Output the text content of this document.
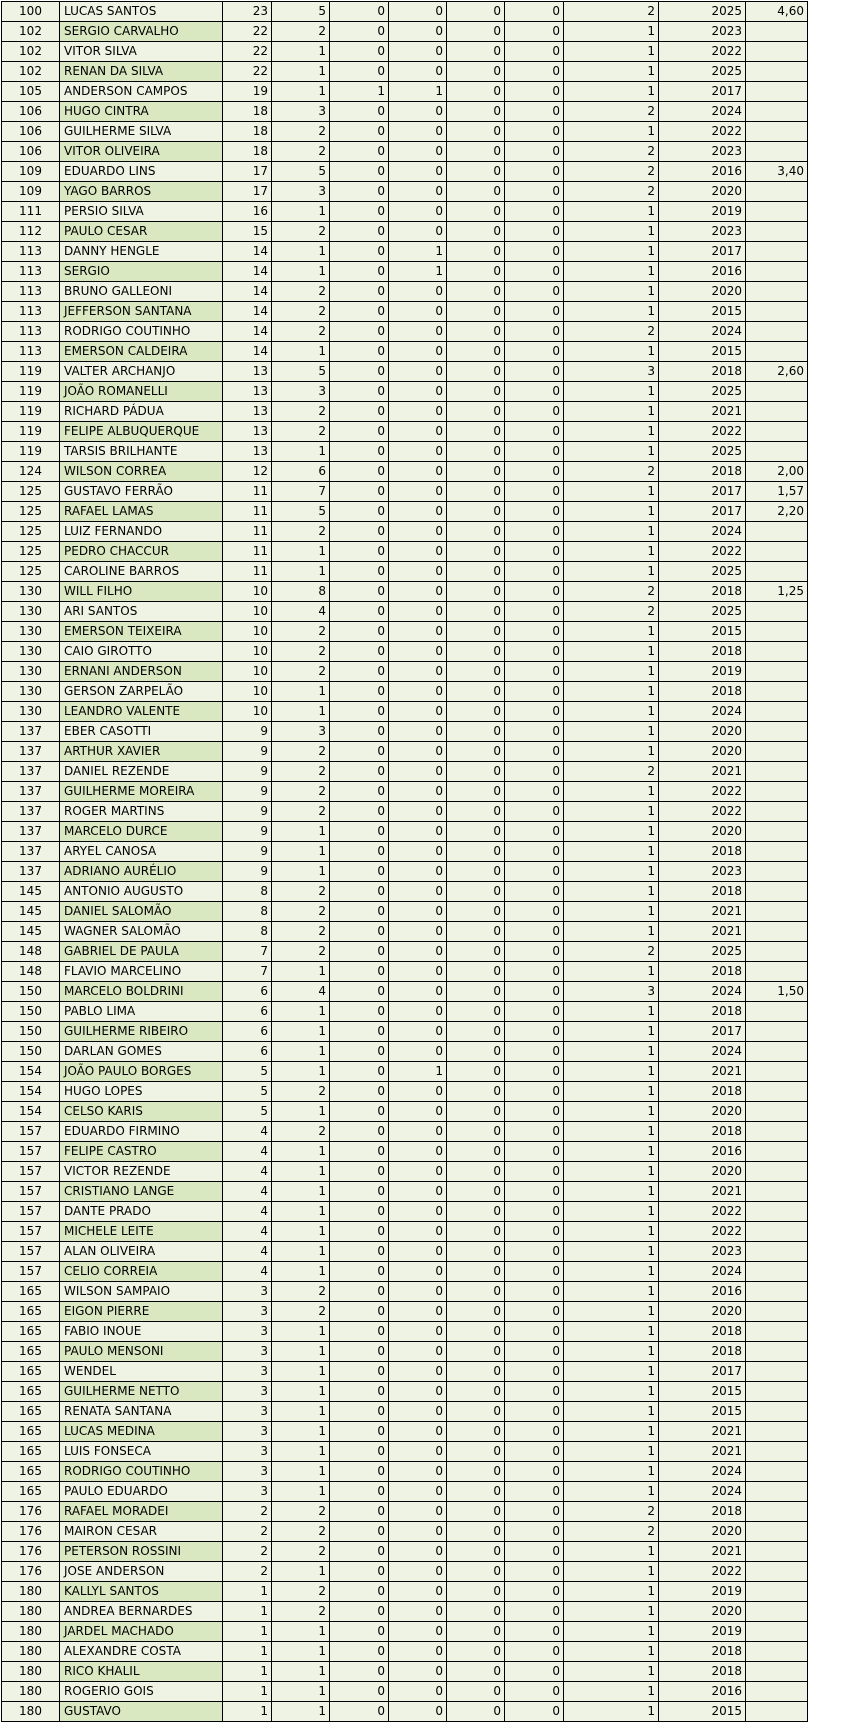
100	LUCAS SANTOS	23	5	0	0	0	0	2	2025	4,60
102	SERGIO CARVALHO	22	2	0	0	0	0	1	2023	
102	VITOR SILVA	22	1	0	0	0	0	1	2022	
102	RENAN DA SILVA	22	1	0	0	0	0	1	2025	
105	ANDERSON CAMPOS	19	1	1	1	0	0	1	2017	
106	HUGO CINTRA	18	3	0	0	0	0	2	2024	
106	GUILHERME SILVA	18	2	0	0	0	0	1	2022	
106	VITOR OLIVEIRA	18	2	0	0	0	0	2	2023	
109	EDUARDO LINS	17	5	0	0	0	0	2	2016	3,40
109	YAGO BARROS	17	3	0	0	0	0	2	2020	
111	PERSIO SILVA	16	1	0	0	0	0	1	2019	
112	PAULO CESAR	15	2	0	0	0	0	1	2023	
113	DANNY HENGLE	14	1	0	1	0	0	1	2017	
113	SERGIO	14	1	0	1	0	0	1	2016	
113	BRUNO GALLEONI	14	2	0	0	0	0	1	2020	
113	JEFFERSON SANTANA	14	2	0	0	0	0	1	2015	
113	RODRIGO COUTINHO	14	2	0	0	0	0	2	2024	
113	EMERSON CALDEIRA	14	1	0	0	0	0	1	2015	
119	VALTER ARCHANJO	13	5	0	0	0	0	3	2018	2,60
119	JOÃO ROMANELLI	13	3	0	0	0	0	1	2025	
119	RICHARD PÁDUA	13	2	0	0	0	0	1	2021	
119	FELIPE ALBUQUERQUE	13	2	0	0	0	0	1	2022	
119	TARSIS BRILHANTE	13	1	0	0	0	0	1	2025	
124	WILSON CORREA	12	6	0	0	0	0	2	2018	2,00
125	GUSTAVO FERRÃO	11	7	0	0	0	0	1	2017	1,57
125	RAFAEL LAMAS	11	5	0	0	0	0	1	2017	2,20
125	LUIZ FERNANDO	11	2	0	0	0	0	1	2024	
125	PEDRO CHACCUR	11	1	0	0	0	0	1	2022	
125	CAROLINE BARROS	11	1	0	0	0	0	1	2025	
130	WILL FILHO	10	8	0	0	0	0	2	2018	1,25
130	ARI SANTOS	10	4	0	0	0	0	2	2025	
130	EMERSON TEIXEIRA	10	2	0	0	0	0	1	2015	
130	CAIO GIROTTO	10	2	0	0	0	0	1	2018	
130	ERNANI ANDERSON	10	2	0	0	0	0	1	2019	
130	GERSON ZARPELÃO	10	1	0	0	0	0	1	2018	
130	LEANDRO VALENTE	10	1	0	0	0	0	1	2024	
137	EBER CASOTTI	9	3	0	0	0	0	1	2020	
137	ARTHUR XAVIER	9	2	0	0	0	0	1	2020	
137	DANIEL REZENDE	9	2	0	0	0	0	2	2021	
137	GUILHERME MOREIRA	9	2	0	0	0	0	1	2022	
137	ROGER MARTINS	9	2	0	0	0	0	1	2022	
137	MARCELO DURCE	9	1	0	0	0	0	1	2020	
137	ARYEL CANOSA	9	1	0	0	0	0	1	2018	
137	ADRIANO AURÉLIO	9	1	0	0	0	0	1	2023	
145	ANTONIO AUGUSTO	8	2	0	0	0	0	1	2018	
145	DANIEL SALOMÃO	8	2	0	0	0	0	1	2021	
145	WAGNER SALOMÃO	8	2	0	0	0	0	1	2021	
148	GABRIEL DE PAULA	7	2	0	0	0	0	2	2025	
148	FLAVIO MARCELINO	7	1	0	0	0	0	1	2018	
150	MARCELO BOLDRINI	6	4	0	0	0	0	3	2024	1,50
150	PABLO LIMA	6	1	0	0	0	0	1	2018	
150	GUILHERME RIBEIRO	6	1	0	0	0	0	1	2017	
150	DARLAN GOMES	6	1	0	0	0	0	1	2024	
154	JOÃO PAULO BORGES	5	1	0	1	0	0	1	2021	
154	HUGO LOPES	5	2	0	0	0	0	1	2018	
154	CELSO KARIS	5	1	0	0	0	0	1	2020	
157	EDUARDO FIRMINO	4	2	0	0	0	0	1	2018	
157	FELIPE CASTRO	4	1	0	0	0	0	1	2016	
157	VICTOR REZENDE	4	1	0	0	0	0	1	2020	
157	CRISTIANO LANGE	4	1	0	0	0	0	1	2021	
157	DANTE PRADO	4	1	0	0	0	0	1	2022	
157	MICHELE LEITE	4	1	0	0	0	0	1	2022	
157	ALAN OLIVEIRA	4	1	0	0	0	0	1	2023	
157	CELIO CORREIA	4	1	0	0	0	0	1	2024	
165	WILSON SAMPAIO	3	2	0	0	0	0	1	2016	
165	EIGON PIERRE	3	2	0	0	0	0	1	2020	
165	FABIO INOUE	3	1	0	0	0	0	1	2018	
165	PAULO MENSONI	3	1	0	0	0	0	1	2018	
165	WENDEL	3	1	0	0	0	0	1	2017	
165	GUILHERME NETTO	3	1	0	0	0	0	1	2015	
165	RENATA SANTANA	3	1	0	0	0	0	1	2015	
165	LUCAS MEDINA	3	1	0	0	0	0	1	2021	
165	LUIS FONSECA	3	1	0	0	0	0	1	2021	
165	RODRIGO COUTINHO	3	1	0	0	0	0	1	2024	
165	PAULO EDUARDO	3	1	0	0	0	0	1	2024	
176	RAFAEL MORADEI	2	2	0	0	0	0	2	2018	
176	MAIRON CESAR	2	2	0	0	0	0	2	2020	
176	PETERSON ROSSINI	2	2	0	0	0	0	1	2021	
176	JOSE ANDERSON	2	1	0	0	0	0	1	2022	
180	KALLYL SANTOS	1	2	0	0	0	0	1	2019	
180	ANDREA BERNARDES	1	2	0	0	0	0	1	2020	
180	JARDEL MACHADO	1	1	0	0	0	0	1	2019	
180	ALEXANDRE COSTA	1	1	0	0	0	0	1	2018	
180	RICO KHALIL	1	1	0	0	0	0	1	2018	
180	ROGERIO GOIS	1	1	0	0	0	0	1	2016	
180	GUSTAVO	1	1	0	0	0	0	1	2015	
